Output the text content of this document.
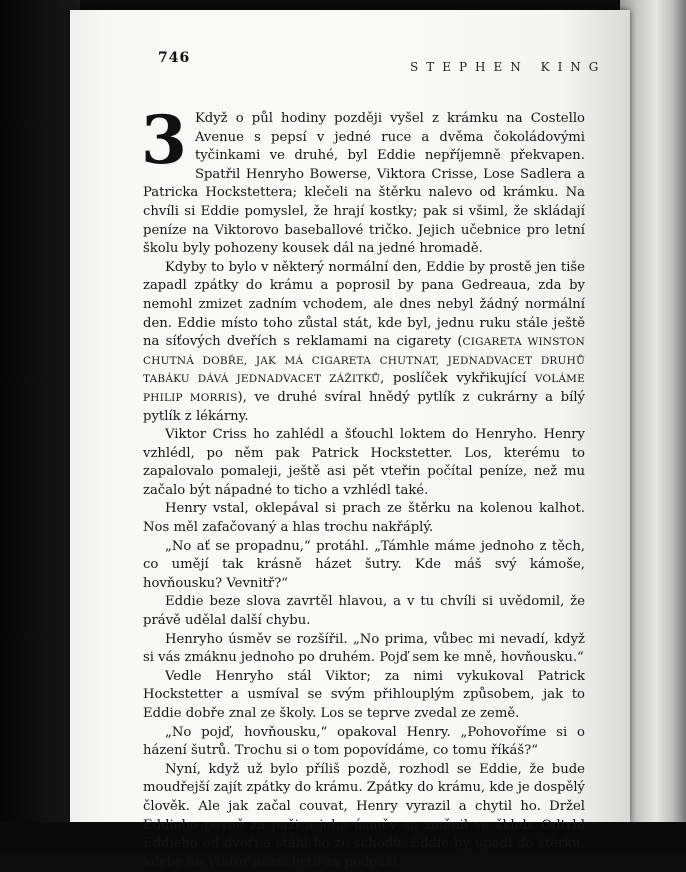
746
STEPHEN KING

3 Když o půl hodiny později vyšel z krámku na Costello Avenue s pepsí v jedné ruce a dvěma čokoládovými tyčinkami ve druhé, byl Eddie nepříjemně překvapen. Spatřil Henryho Bowerse, Viktora Crisse, Lose Sadlera a Patricka Hockstettera; klečeli na štěrku nalevo od krámku. Na chvíli si Eddie pomyslel, že hrají kostky; pak si všiml, že skládají peníze na Viktorovo baseballové tričko. Jejich učebnice pro letní školu byly pohozeny kousek dál na jedné hromadě.

Kdyby to bylo v některý normální den, Eddie by prostě jen tiše zapadl zpátky do krámu a poprosil by pana Gedreaua, zda by nemohl zmizet zadním vchodem, ale dnes nebyl žádný normální den. Eddie místo toho zůstal stát, kde byl, jednu ruku stále ještě na síťových dveřích s reklamami na cigarety (CIGARETA WINSTON CHUTNÁ DOBŘE, JAK MÁ CIGARETA CHUTNAT, JEDNADVACET DRUHŮ TABÁKU DÁVÁ JEDNADVACET ZÁŽITKŮ, poslíček vykřikující VOLÁME PHILIP MORRIS), ve druhé svíral hnědý pytlík z cukrárny a bílý pytlík z lékárny.

Viktor Criss ho zahlédl a šťouchl loktem do Henryho. Henry vzhlédl, po něm pak Patrick Hockstetter. Los, kterému to zapalovalo pomaleji, ještě asi pět vteřin počítal peníze, než mu začalo být nápadné to ticho a vzhlédl také.

Henry vstal, oklepával si prach ze štěrku na kolenou kalhot. Nos měl zafačovaný a hlas trochu nakřáplý.

„No ať se propadnu,“ protáhl. „Támhle máme jednoho z těch, co umějí tak krásně házet šutry. Kde máš svý kámoše, hovňousku? Vevnitř?“

Eddie beze slova zavrtěl hlavou, a v tu chvíli si uvědomil, že právě udělal další chybu.

Henryho úsměv se rozšířil. „No prima, vůbec mi nevadí, když si vás zmáknu jednoho po druhém. Pojď sem ke mně, hovňousku.“

Vedle Henryho stál Viktor; za nimi vykukoval Patrick Hockstetter a usmíval se svým přihlouplým způsobem, jak to Eddie dobře znal ze školy. Los se teprve zvedal ze země.

„No pojď, hovňousku,“ opakoval Henry. „Pohovoříme si o házení šutrů. Trochu si o tom popovídáme, co tomu říkáš?“

Nyní, když už bylo příliš pozdě, rozhodl se Eddie, že bude moudřejší zajít zpátky do krámu. Zpátky do krámu, kde je dospělý člověk. Ale jak začal couvat, Henry vyrazil a chytil ho. Držel Eddieho pevně za paži a jeho úsměv se změnil ve škleb. Odtrhl Eddieho od dveří a stáhl ho ze schodů. Eddie by upadl do štěrku, kdyby ho Viktor nezachytil za podpaží.
